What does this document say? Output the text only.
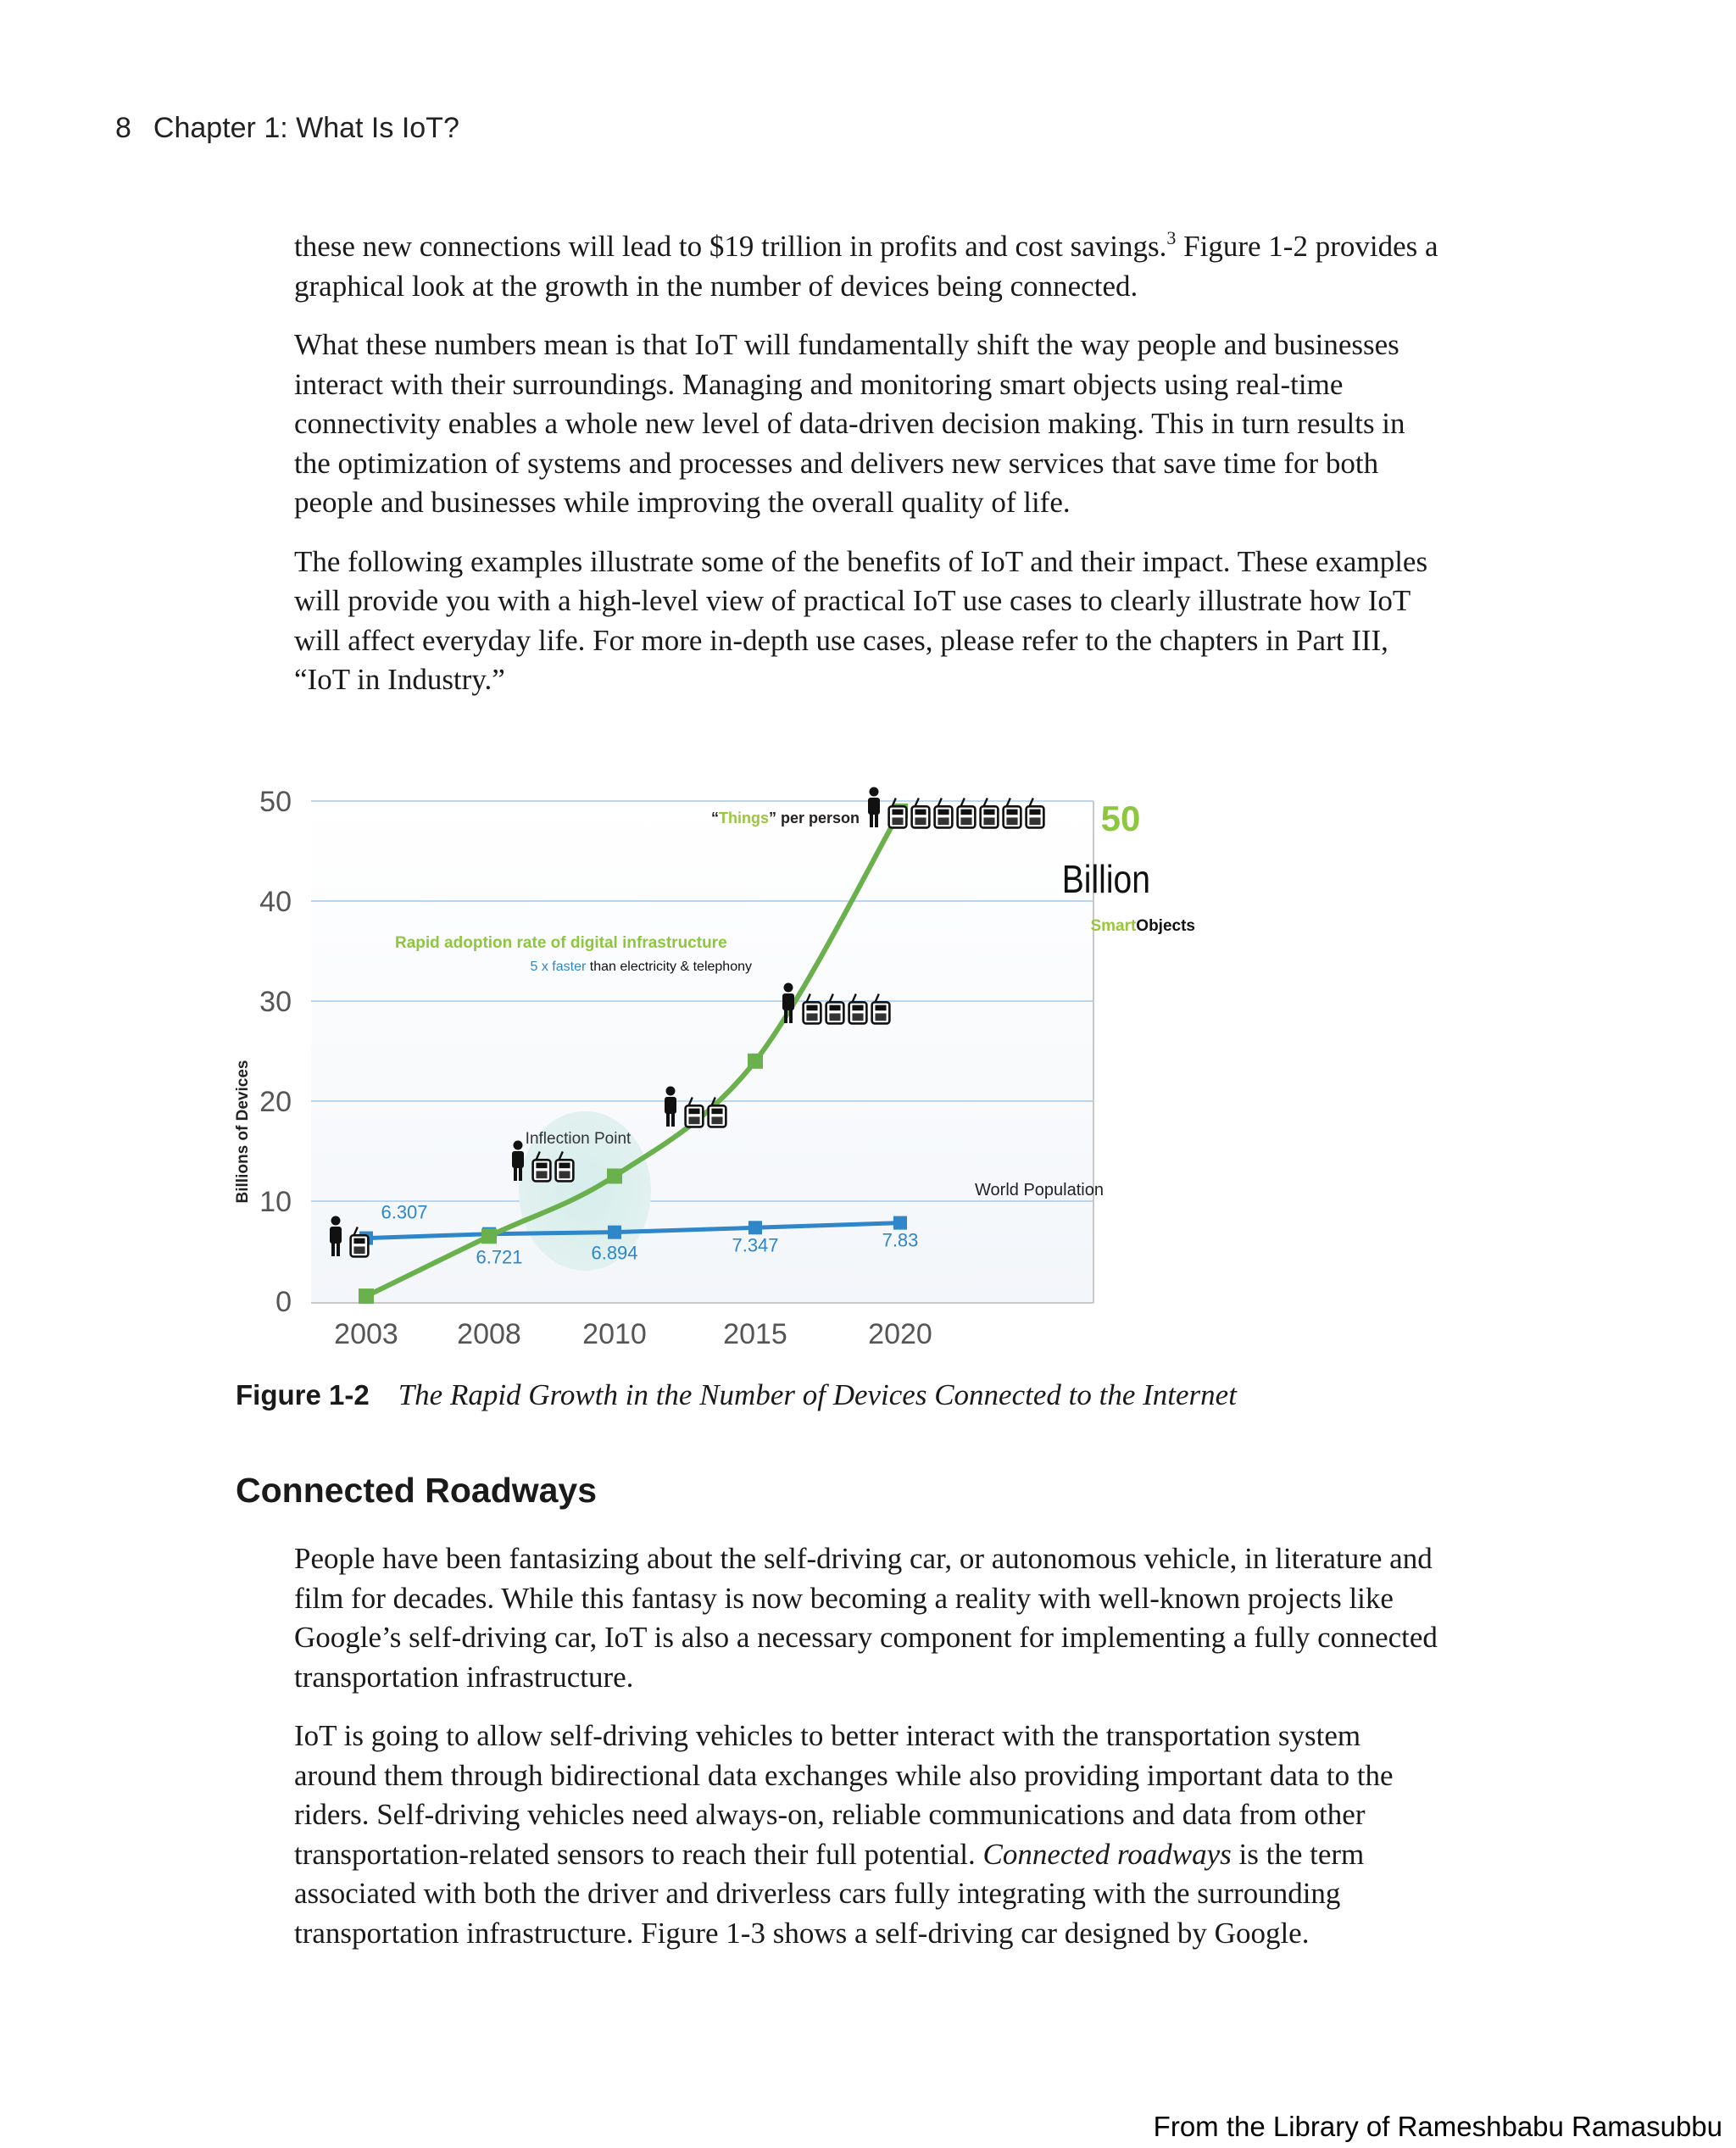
8 Chapter 1: What Is IoT?

these new connections will lead to $19 trillion in profits and cost savings.$^3$ Figure 1-2 provides a graphical look at the growth in the number of devices being connected.

What these numbers mean is that IoT will fundamentally shift the way people and businesses interact with their surroundings. Managing and monitoring smart objects using real-time connectivity enables a whole new level of data-driven decision making. This in turn results in the optimization of systems and processes and delivers new services that save time for both people and businesses while improving the overall quality of life.

The following examples illustrate some of the benefits of IoT and their impact. These examples will provide you with a high-level view of practical IoT use cases to clearly illustrate how IoT will affect everyday life. For more in-depth use cases, please refer to the chapters in Part III, “IoT in Industry.”

0
10
20
30
40
50
Billions of Devices
2003 2008 2010	2015	2020
Inflection Point
6.307
6.721	6.894	7.347	7.83
World Population
“Things” per person	50
Billion
SmartObjects
Rapid adoption rate of digital infrastructure
5 x faster than electricity & telephony
Figure 1-2 The Rapid Growth in the Number of Devices Connected to the Internet
Connected Roadways

People have been fantasizing about the self-driving car, or autonomous vehicle, in literature and film for decades. While this fantasy is now becoming a reality with well-known projects like Google’s self-driving car, IoT is also a necessary component for implementing a fully connected transportation infrastructure.

IoT is going to allow self-driving vehicles to better interact with the transportation system around them through bidirectional data exchanges while also providing important data to the riders. Self-driving vehicles need always-on, reliable communications and data from other transportation-related sensors to reach their full potential. Connected roadways is the term associated with both the driver and driverless cars fully integrating with the surrounding transportation infrastructure. Figure 1-3 shows a self-driving car designed by Google.

From the Library of Rameshbabu Ramasubbu
